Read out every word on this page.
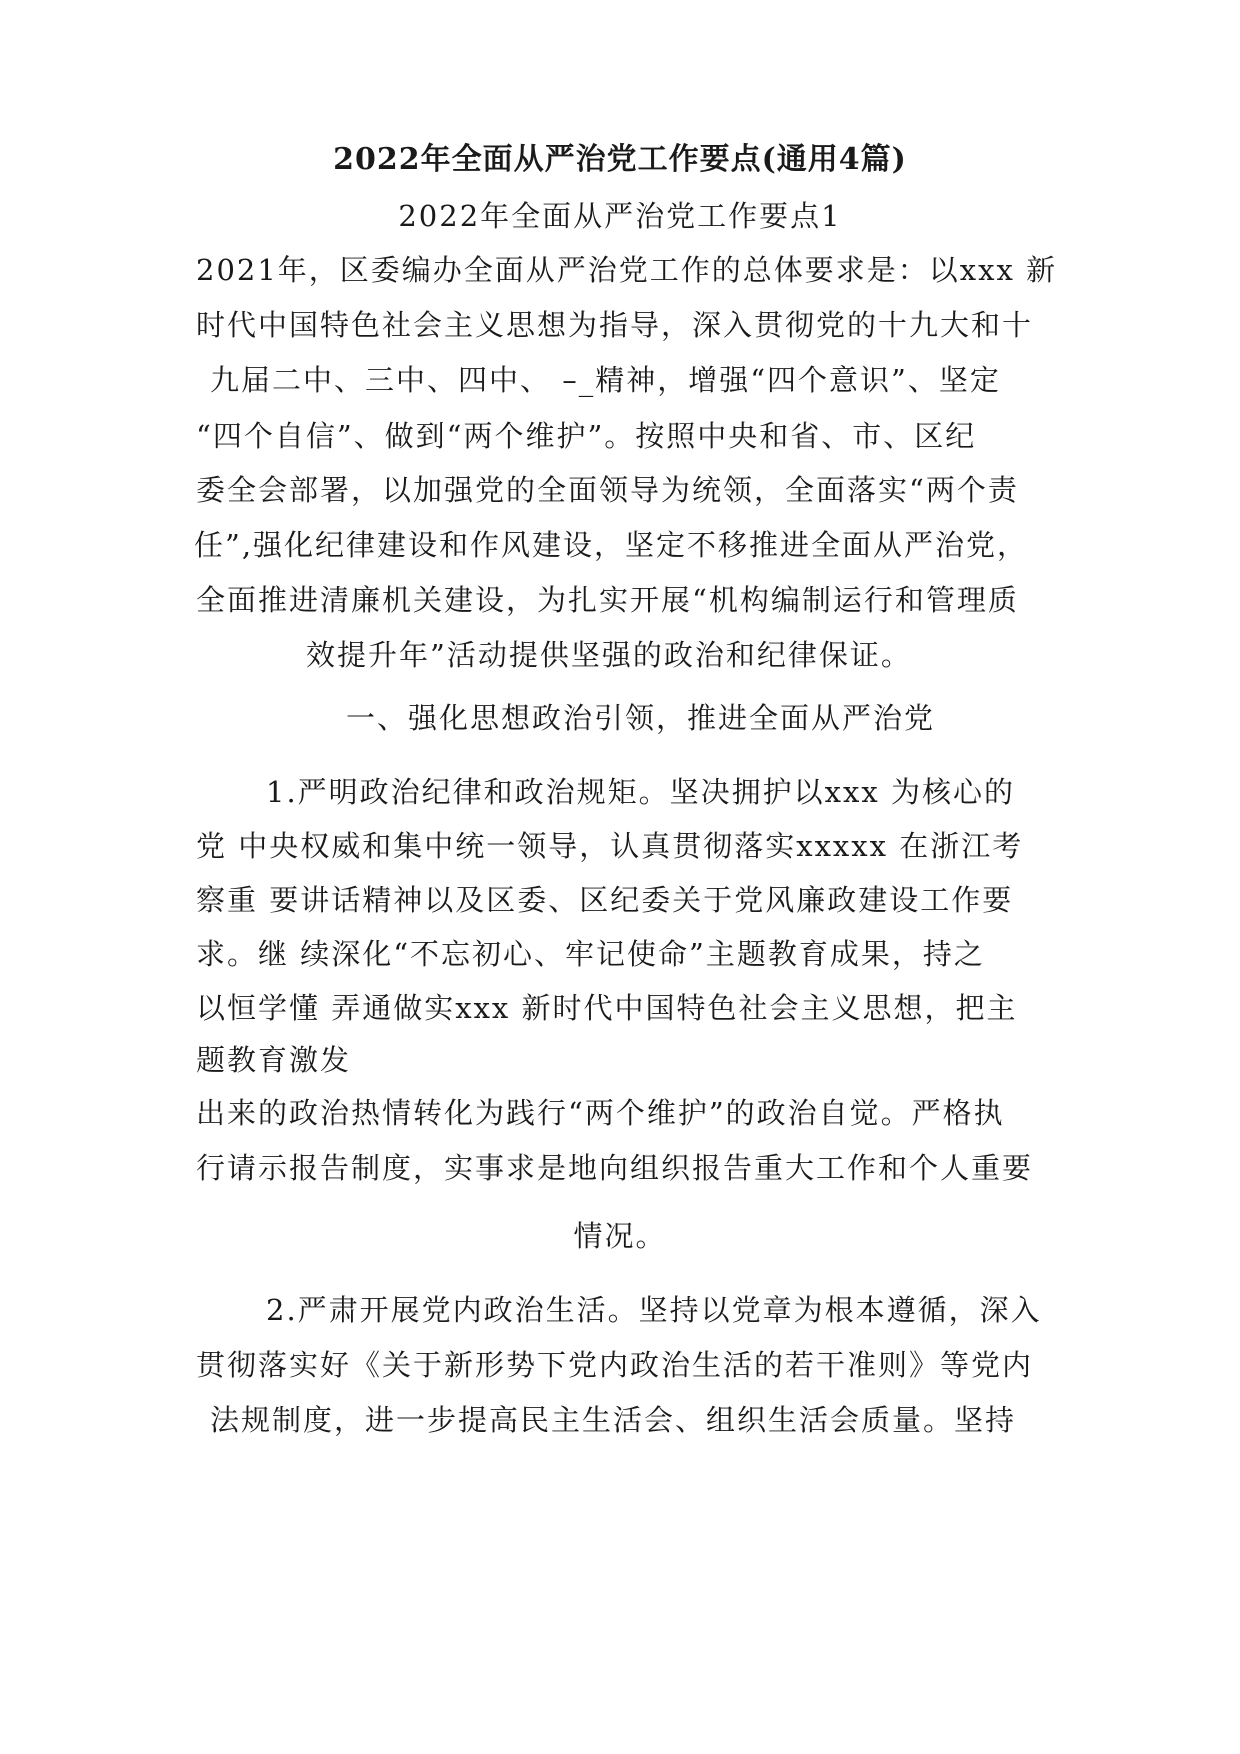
2022年全面从严治党工作要点(通用4篇)
2022年全面从严治党工作要点1
2021年，区委编办全面从严治党工作的总体要求是：以xxx 新
时代中国特色社会主义思想为指导，深入贯彻党的十九大和十
九届二中、三中、四中、 –_精神，增强“四个意识”、坚定
“四个自信”、做到“两个维护”。按照中央和省、市、区纪
委全会部署，以加强党的全面领导为统领，全面落实“两个责
任”,强化纪律建设和作风建设，坚定不移推进全面从严治党，
全面推进清廉机关建设，为扎实开展“机构编制运行和管理质
效提升年”活动提供坚强的政治和纪律保证。
一、强化思想政治引领，推进全面从严治党
1.严明政治纪律和政治规矩。坚决拥护以xxx 为核心的
党 中央权威和集中统一领导，认真贯彻落实xxxxx 在浙江考
察重 要讲话精神以及区委、区纪委关于党风廉政建设工作要
求。继 续深化“不忘初心、牢记使命”主题教育成果，持之
以恒学懂 弄通做实xxx 新时代中国特色社会主义思想，把主
题教育激发
出来的政治热情转化为践行“两个维护”的政治自觉。严格执
行请示报告制度，实事求是地向组织报告重大工作和个人重要
情况。
2.严肃开展党内政治生活。坚持以党章为根本遵循，深入
贯彻落实好《关于新形势下党内政治生活的若干准则》等党内
法规制度，进一步提高民主生活会、组织生活会质量。坚持
